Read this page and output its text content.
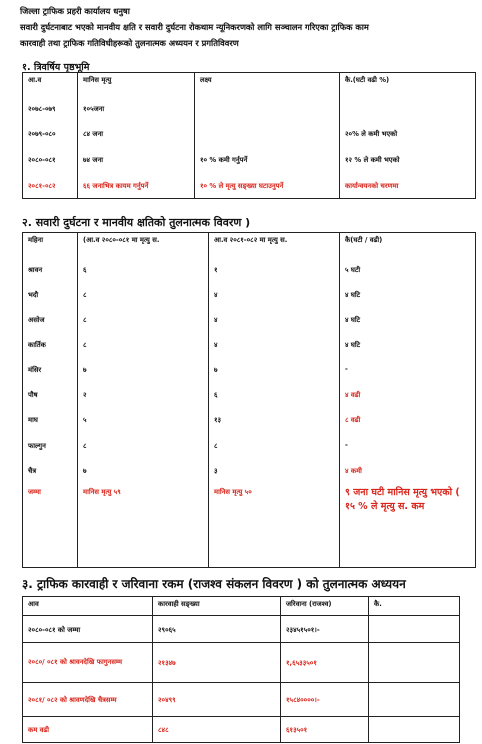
जिल्ला ट्राफिक प्रहरी कार्यालय धनुषा
सवारी दुर्घटनाबाट भएको मानवीय क्षति र सवारी दुर्घटना रोकथाम न्यूनिकरणको लागि सञ्चालन गरिएका ट्राफिक काम
कारवाही तथा ट्राफिक गतिविधीहरूको तुलनात्मक अध्ययन र प्रगतिविवरण
१. त्रिवर्षिय पृष्ठभूमि
आ.व	मानिस मृत्यु	लक्ष्य	कै.(घटी वढी %)
२०७८-०७९	१०५जना		
२०७९-०८०	८४ जना		२०% ले कमी भएको
२०८०-०८१	७४ जना	१० % कमी गर्नुपर्ने	१२ % ले कमी भएको
२०८१-०८२	६६ जनाभित्र कायम गर्नुपर्ने	१० % ले मृत्यु सङ्ख्या घटाउनुपर्ने	कार्यान्वयनको चरणमा
२. सवारी दुर्घटना र मानवीय क्षतिको तुलनात्मक विवरण )
महिना	(आ.व २०८०-०८१ मा मृत्यु स.	आ.व २०८१-०८२ मा मृत्यु स.	कै(घटी / वढी)
श्रावन	६	१	५ घटी
भदौ	८	४	४ घटि
असोज	८	४	४ घटि
कार्तिक	८	४	४ घटि
मंसिर	७	७	-
पौष	२	६	४ वढी
माघ	५	१३	८ वढी
फाल्गुन	८	८	-
चैत्र	७	३	४ कमी
जम्मा	मानिस मृत्यु ५९	मानिस मृत्यु ५०	९ जना घटी मानिस मृत्यु भएको ( १५ % ले मृत्यु स. कम
३. ट्राफिक कारवाही र जरिवाना रकम (राजश्व संकलन विवरण ) को तुलनात्मक अध्ययन
आव	कारवाही सङ्ख्या	जरिवाना (राजश्व)	कै.
२०८०-०८१ को जम्मा	२९०६५	२३४५१५०१।-	
२०८०/ ०८१ को श्रावनदेखि फागुनसम्म	२१३४७	१,६५३३५०१	
२०८१/ ०८२ को श्रावणदेखि चैत्रसम्म	२०४९९	१५८४००००।-	
कम वढी	८४८	६१३५०१	
